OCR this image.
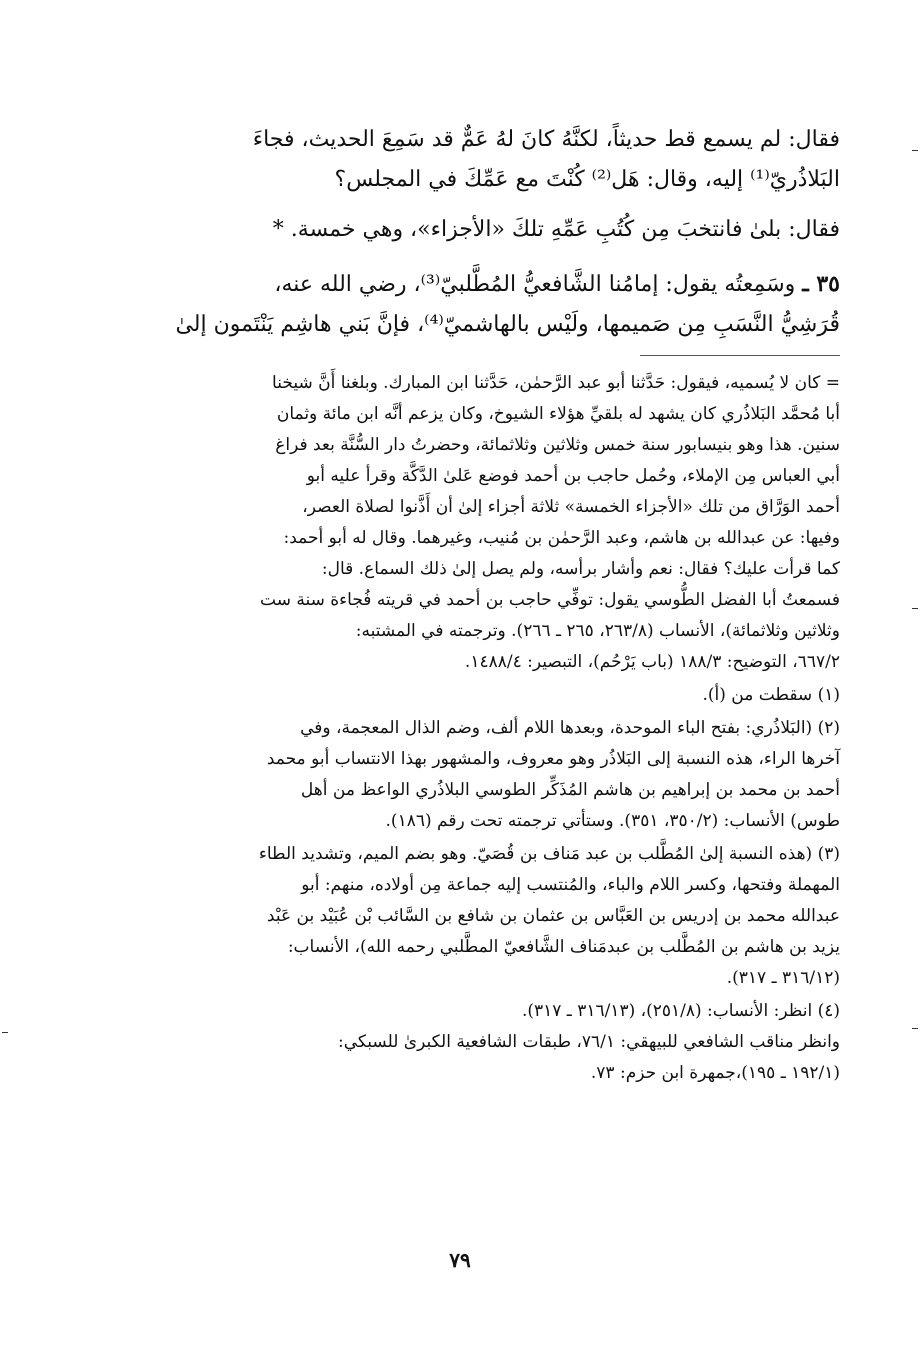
فقال: لم يسمع قط حديثاً، لكنَّهُ كانَ لهُ عَمٌّ قد سَمِعَ الحديث، فجاءَ

البَلاذُريّ⁽¹⁾ إليه، وقال: هَل⁽²⁾ كُنْتَ مع عَمِّكَ في المجلس؟

فقال: بلىٰ فانتخبَ مِن كُتُبِ عَمِّهِ تلكَ «الأجزاء»، وهي خمسة. *

٣٥ ـ وسَمِعتُه يقول: إمامُنا الشَّافعيُّ المُطَّلبيّ⁽³⁾، رضي الله عنه،

قُرَشِيُّ النَّسَبِ مِن صَميمها، ولَيْس بالهاشميّ⁽⁴⁾، فإنَّ بَني هاشِم يَنْتَمون إلىٰ

= كان لا يُسميه، فيقول: حَدَّثنا أبو عبد الرَّحمٰن، حَدَّثنا ابن المبارك. وبلغنا أَنَّ شيخنا

أبا مُحمَّد البَلاذُري كان يشهد له بلقيِّ هؤلاء الشيوخ، وكان يزعم أنَّه ابن مائة وثمان

سنين. هذا وهو بنيسابور سنة خمس وثلاثين وثلاثمائة، وحضرتُ دار السُّنَّة بعد فراغ

أبي العباس مِن الإملاء، وحُمل حاجب بن أحمد فوضع عَلىٰ الدَّكَّة وقرأ عليه أبو

أحمد الوَرَّاق من تلك «الأجزاء الخمسة» ثلاثة أجزاء إلىٰ أن أَذَّنوا لصلاة العصر،

وفيها: عن عبدالله بن هاشم، وعبد الرَّحمٰن بن مُنيب، وغيرهما. وقال له أبو أحمد:

كما قرأت عليك؟ فقال: نعم وأشار برأسه، ولم يصل إلىٰ ذلك السماع. قال:

فسمعتُ أبا الفضل الطُّوسي يقول: توفِّي حاجب بن أحمد في قريته فُجاءة سنة ست

وثلاثين وثلاثمائة)، الأنساب (٢٦٣/٨، ٢٦٥ ـ ٢٦٦). وترجمته في المشتبه:

٦٦٧/٢، التوضيح: ١٨٨/٣ (باب يَرْحُم)، التبصير: ١٤٨٨/٤.

(١) سقطت من (أ).

(٢) (البَلاذُري: بفتح الباء الموحدة، وبعدها اللام ألف، وضم الذال المعجمة، وفي

آخرها الراء، هذه النسبة إلى البَلاذُر وهو معروف، والمشهور بهذا الانتساب أبو محمد

أحمد بن محمد بن إبراهيم بن هاشم المُذَكِّر الطوسي البلاذُري الواعظ من أهل

طوس) الأنساب: (٣٥٠/٢، ٣٥١). وستأتي ترجمته تحت رقم (١٨٦).

(٣) (هذه النسبة إلىٰ المُطَّلب بن عبد مَناف بن قُصَيّ. وهو بضم الميم، وتشديد الطاء

المهملة وفتحها، وكسر اللام والباء، والمُنتسب إليه جماعة مِن أولاده، منهم: أبو

عبدالله محمد بن إدريس بن العَبَّاس بن عثمان بن شافع بن السَّائب بْن عُبَيْد بن عَبْد

يزيد بن هاشم بن المُطَّلب بن عبدمَناف الشَّافعيّ المطَّلبي رحمه الله)، الأنساب:

(٣١٦/١٢ ـ ٣١٧).

(٤) انظر: الأنساب: (٢٥١/٨)، (٣١٦/١٣ ـ ٣١٧).

وانظر مناقب الشافعي للبيهقي: ٧٦/١، طبقات الشافعية الكبرىٰ للسبكي:

(١٩٢/١ ـ ١٩٥)،جمهرة ابن حزم: ٧٣.

٧٩
